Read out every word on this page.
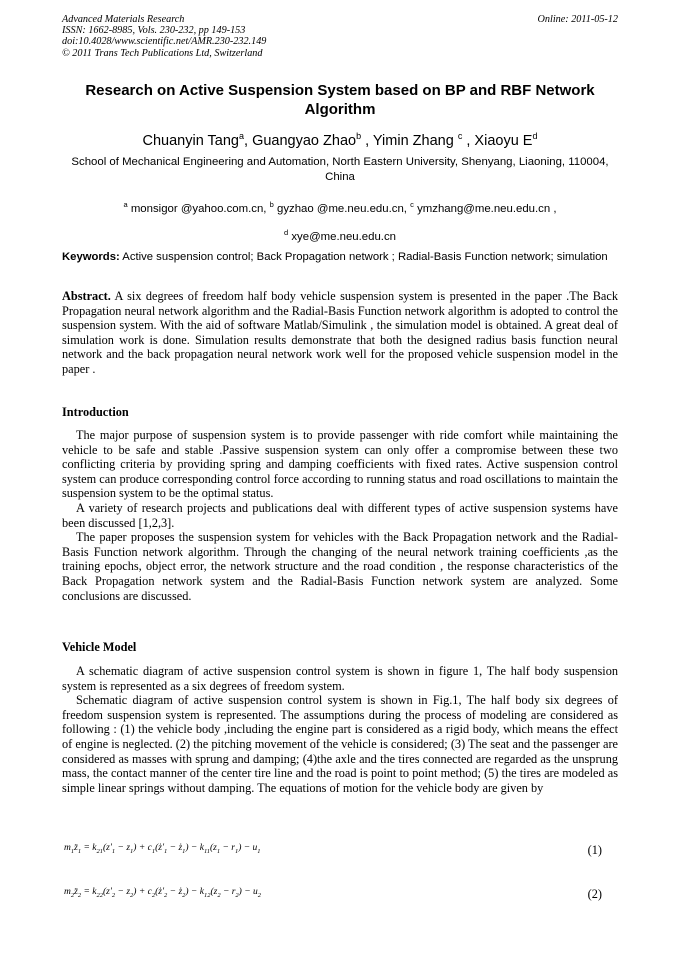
Advanced Materials Research
ISSN: 1662-8985, Vols. 230-232, pp 149-153
doi:10.4028/www.scientific.net/AMR.230-232.149
© 2011 Trans Tech Publications Ltd, Switzerland
Online: 2011-05-12
Research on Active Suspension System based on BP and RBF Network Algorithm
Chuanyin Tang$^a$, Guangyao Zhao$^b$ , Yimin Zhang $^c$ , Xiaoyu $E^d$
School of Mechanical Engineering and Automation, North Eastern University, Shenyang, Liaoning, 110004, China
$^a$ monsigor @yahoo.com.cn, $^b$ gyzhao @me.neu.edu.cn, $^c$ ymzhang@me.neu.edu.cn ,
$^d$ xye@me.neu.edu.cn
Keywords: Active suspension control; Back Propagation network ; Radial-Basis Function network; simulation
Abstract. A six degrees of freedom half body vehicle suspension system is presented in the paper .The Back Propagation neural network algorithm and the Radial-Basis Function network algorithm is adopted to control the suspension system. With the aid of software Matlab/Simulink , the simulation model is obtained. A great deal of simulation work is done. Simulation results demonstrate that both the designed radius basis function neural network and the back propagation neural network work well for the proposed vehicle suspension model in the paper .
Introduction

The major purpose of suspension system is to provide passenger with ride comfort while maintaining the vehicle to be safe and stable .Passive suspension system can only offer a compromise between these two conflicting criteria by providing spring and damping coefficients with fixed rates. Active suspension control system can produce corresponding control force according to running status and road oscillations to maintain the suspension system to be the optimal status.

A variety of research projects and publications deal with different types of active suspension systems have been discussed [1,2,3].

The paper proposes the suspension system for vehicles with the Back Propagation network and the Radial-Basis Function network algorithm. Through the changing of the neural network training coefficients ,as the training epochs, object error, the network structure and the road condition , the response characteristics of the Back Propagation network system and the Radial-Basis Function network system are analyzed. Some conclusions are discussed.

Vehicle Model

A schematic diagram of active suspension control system is shown in figure 1, The half body suspension system is represented as a six degrees of freedom system.

Schematic diagram of active suspension control system is shown in Fig.1, The half body six degrees of freedom suspension system is represented. The assumptions during the process of modeling are considered as following : (1) the vehicle body ,including the engine part is considered as a rigid body, which means the effect of engine is neglected. (2) the pitching movement of the vehicle is considered; (3) The seat and the passenger are considered as masses with sprung and damping; (4)the axle and the tires connected are regarded as the unsprung mass, the contact manner of the center tire line and the road is point to point method; (5) the tires are modeled as simple linear springs without damping. The equations of motion for the vehicle body are given by

$m_1z̈_1 = k_{21}(z'_1 - z_1)$ + $c_1(ż'_1$ − $ż_1) - k_{11}(z_1 - r_1) - u_1$	(1)
$m_2z̈_2 = k_{22}(z'_2 - z_2)$ + $c_2(ż'_2$ − $ż_2) - k_{12}(z_2 - r_2) - u_2$	(2)
